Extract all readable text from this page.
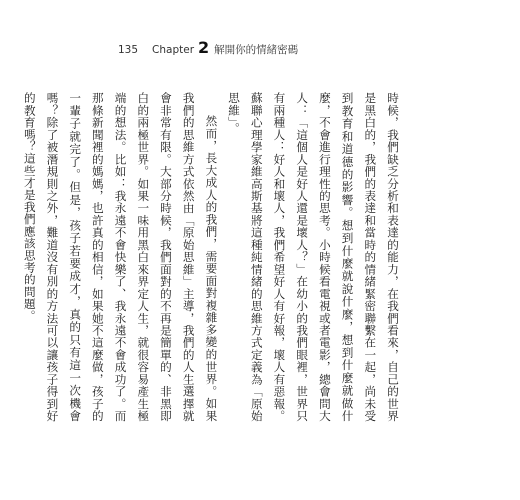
135 Chapter 2 解開你的情緒密碼

時候，我們缺乏分析和表達的能力，在我們看來，自己的世界是黑白的，我們的表達和當時的情緒緊密聯繫在一起，尚未受到教育和道德的影響。想到什麼就說什麼，想到什麼就做什麼，不會進行理性的思考。小時候看電視或者電影，總會問大人：「這個人是好人還是壞人？」在幼小的我們眼裡，世界只有兩種人：好人和壞人，我們希望好人有好報，壞人有惡報。蘇聯心理學家維高斯基將這種純情緒的思維方式定義為「原始思維」。

然而，長大成人的我們，需要面對複雜多變的世界。如果我們的思維方式依然由「原始思維」主導，我們的人生選擇就會非常有限。大部分時候，我們面對的不再是簡單的、非黑即白的兩極世界。如果一味用黑白來界定人生，就很容易產生極端的想法。比如：我永遠不會快樂了、我永遠不會成功了。而那條新聞裡的媽媽，也許真的相信，如果她不這麼做，孩子的一輩子就完了。但是，孩子若要成才，真的只有這一次機會嗎？除了被潛規則之外，難道沒有別的方法可以讓孩子得到好的教育嗎？這些才是我們應該思考的問題。
